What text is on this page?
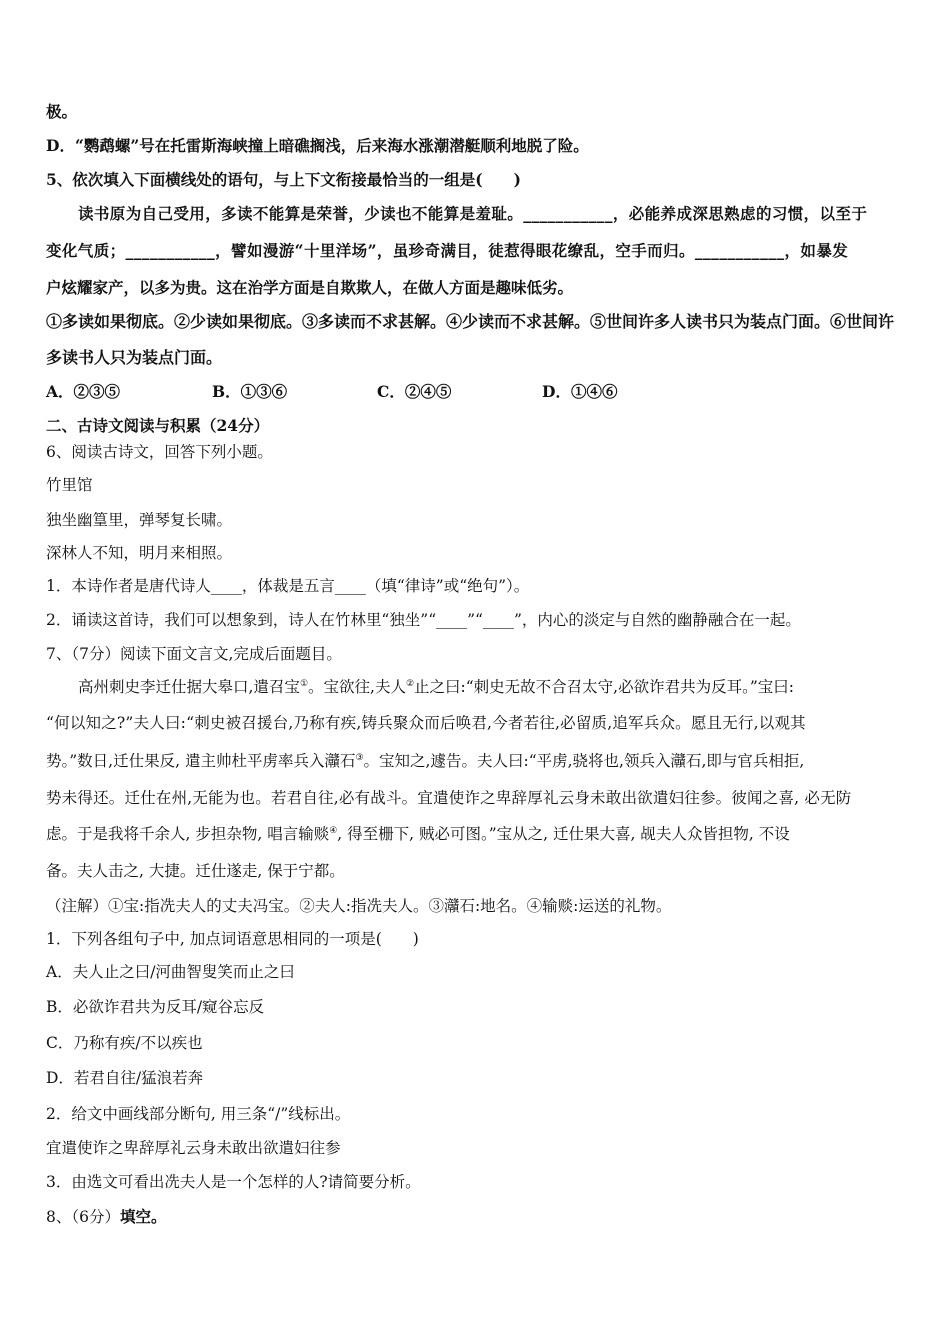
极。
D．“鹦鹉螺”号在托雷斯海峡撞上暗礁搁浅，后来海水涨潮潜艇顺利地脱了险。
5、依次填入下面横线处的语句，与上下文衔接最恰当的一组是(　　)
读书原为自己受用，多读不能算是荣誉，少读也不能算是羞耻。___________，必能养成深思熟虑的习惯，以至于
变化气质；___________，譬如漫游“十里洋场”，虽珍奇满目，徒惹得眼花缭乱，空手而归。___________，如暴发
户炫耀家产，以多为贵。这在治学方面是自欺欺人，在做人方面是趣味低劣。
①多读如果彻底。②少读如果彻底。③多读而不求甚解。④少读而不求甚解。⑤世间许多人读书只为装点门面。⑥世间许
多读书人只为装点门面。
A．②③⑤	B．①③⑥	C．②④⑤	D．①④⑥
二、古诗文阅读与积累（24分）
6、阅读古诗文，回答下列小题。
竹里馆
独坐幽篁里，弹琴复长啸。
深林人不知，明月来相照。
1．本诗作者是唐代诗人____，体裁是五言____（填“律诗”或“绝句”）。
2．诵读这首诗，我们可以想象到，诗人在竹林里“独坐”“____”“____”，内心的淡定与自然的幽静融合在一起。
7、（7分）阅读下面文言文,完成后面题目。
高州刺史李迁仕据大皋口,遣召宝①。宝欲往,夫人②止之曰:“刺史无故不合召太守,必欲诈君共为反耳。”宝曰:
“何以知之?”夫人曰:“刺史被召援台,乃称有疾,铸兵聚众而后唤君,今者若往,必留质,追军兵众。愿且无行,以观其
势。”数日,迁仕果反, 遣主帅杜平虏率兵入灨石③。宝知之,遽告。夫人曰:“平虏,骁将也,领兵入灨石,即与官兵相拒,
势未得还。迁仕在州,无能为也。若君自往,必有战斗。宜遣使诈之卑辞厚礼云身未敢出欲遣妇往参。彼闻之喜, 必无防
虑。于是我将千余人, 步担杂物, 唱言输赕④, 得至栅下, 贼必可图。”宝从之, 迁仕果大喜, 觇夫人众皆担物, 不设
备。夫人击之, 大捷。迁仕遂走, 保于宁都。
（注解）①宝:指冼夫人的丈夫冯宝。②夫人:指冼夫人。③灨石:地名。④输赕:运送的礼物。
1．下列各组句子中, 加点词语意思相同的一项是(　　)
A．夫人止之曰/河曲智叟笑而止之曰
B．必欲诈君共为反耳/窥谷忘反
C．乃称有疾/不以疾也
D．若君自往/猛浪若奔
2．给文中画线部分断句, 用三条“/”线标出。
宜遣使诈之卑辞厚礼云身未敢出欲遣妇往参
3．由选文可看出冼夫人是一个怎样的人?请简要分析。
8、（6分）填空。
